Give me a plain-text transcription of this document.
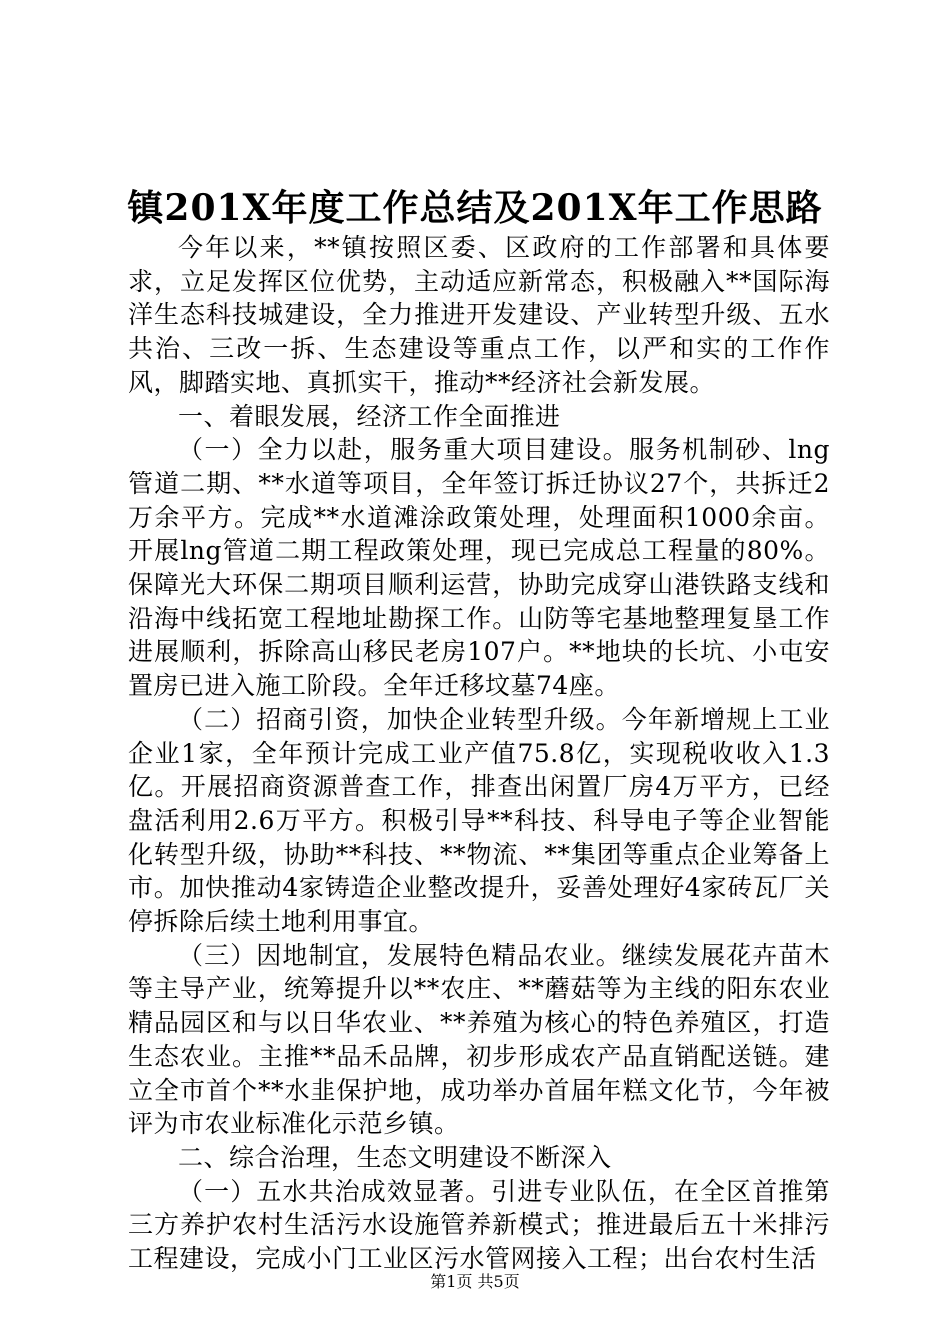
镇201X年度工作总结及201X年工作思路

今年以来，**镇按照区委、区政府的工作部署和具体要求，立足发挥区位优势，主动适应新常态，积极融入**国际海洋生态科技城建设，全力推进开发建设、产业转型升级、五水共治、三改一拆、生态建设等重点工作，以严和实的工作作风，脚踏实地、真抓实干，推动**经济社会新发展。

一、着眼发展，经济工作全面推进

（一）全力以赴，服务重大项目建设。服务机制砂、lng管道二期、**水道等项目，全年签订拆迁协议27个，共拆迁2万余平方。完成**水道滩涂政策处理，处理面积1000余亩。开展lng管道二期工程政策处理，现已完成总工程量的80%。保障光大环保二期项目顺利运营，协助完成穿山港铁路支线和沿海中线拓宽工程地址勘探工作。山防等宅基地整理复垦工作进展顺利，拆除高山移民老房107户。**地块的长坑、小屯安置房已进入施工阶段。全年迁移坟墓74座。

（二）招商引资，加快企业转型升级。今年新增规上工业企业1家，全年预计完成工业产值75.8亿，实现税收收入1.3亿。开展招商资源普查工作，排查出闲置厂房4万平方，已经盘活利用2.6万平方。积极引导**科技、科导电子等企业智能化转型升级，协助**科技、**物流、**集团等重点企业筹备上市。加快推动4家铸造企业整改提升，妥善处理好4家砖瓦厂关停拆除后续土地利用事宜。

（三）因地制宜，发展特色精品农业。继续发展花卉苗木等主导产业，统筹提升以**农庄、**蘑菇等为主线的阳东农业精品园区和与以日华农业、**养殖为核心的特色养殖区，打造生态农业。主推**品禾品牌，初步形成农产品直销配送链。建立全市首个**水韭保护地，成功举办首届年糕文化节，今年被评为市农业标准化示范乡镇。

二、综合治理，生态文明建设不断深入

（一）五水共治成效显著。引进专业队伍，在全区首推第三方养护农村生活污水设施管养新模式；推进最后五十米排污工程建设，完成小门工业区污水管网接入工程；出台农村生活

第1页 共5页
